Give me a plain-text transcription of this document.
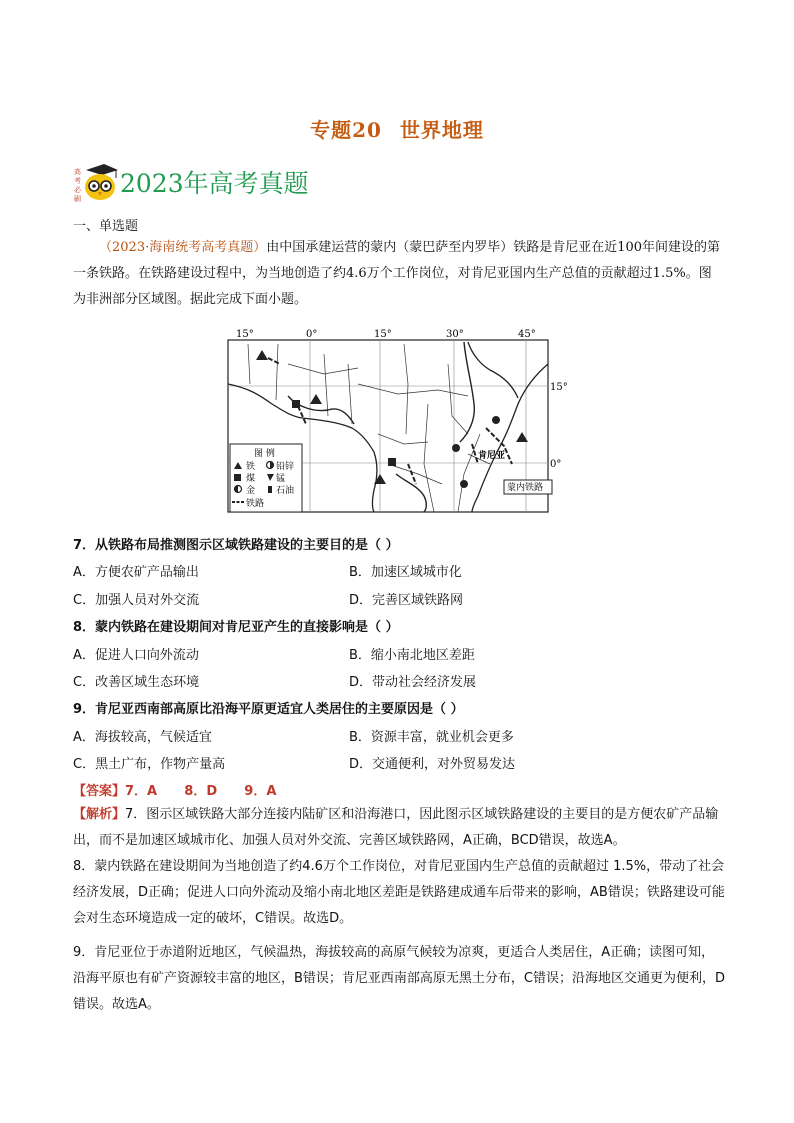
专题20 世界地理
高
考
必
刷
2023年高考真题
一、单选题
（2023·海南统考高考真题）由中国承建运营的蒙内（蒙巴萨至内罗毕）铁路是肯尼亚在近100年间建设的第一条铁路。在铁路建设过程中，为当地创造了约4.6万个工作岗位，对肯尼亚国内生产总值的贡献超过1.5%。图为非洲部分区域图。据此完成下面小题。
15°	0°	15°	30°	45°
15°
0°
肯尼亚
蒙内铁路
图 例
铁 铅锌
煤 锰
金 石油
铁路
7．从铁路布局推测图示区域铁路建设的主要目的是（ ）
A．方便农矿产品输出	B．加速区域城市化
C．加强人员对外交流	D．完善区域铁路网
8．蒙内铁路在建设期间对肯尼亚产生的直接影响是（ ）
A．促进人口向外流动	B．缩小南北地区差距
C．改善区域生态环境	D．带动社会经济发展
9．肯尼亚西南部高原比沿海平原更适宜人类居住的主要原因是（ ）
A．海拔较高，气候适宜	B．资源丰富，就业机会更多
C．黑土广布，作物产量高	D．交通便利，对外贸易发达
【答案】7．A      8．D      9．A
【解析】7．图示区域铁路大部分连接内陆矿区和沿海港口，因此图示区域铁路建设的主要目的是方便农矿产品输出，而不是加速区域城市化、加强人员对外交流、完善区域铁路网，A正确，BCD错误，故选A。
8．蒙内铁路在建设期间为当地创造了约4.6万个工作岗位，对肯尼亚国内生产总值的贡献超过 1.5%，带动了社会经济发展，D正确；促进人口向外流动及缩小南北地区差距是铁路建成通车后带来的影响，AB错误；铁路建设可能会对生态环境造成一定的破坏，C错误。故选D。
9．肯尼亚位于赤道附近地区，气候温热，海拔较高的高原气候较为凉爽，更适合人类居住，A正确；读图可知，沿海平原也有矿产资源较丰富的地区，B错误；肯尼亚西南部高原无黑土分布，C错误；沿海地区交通更为便利，D错误。故选A。
